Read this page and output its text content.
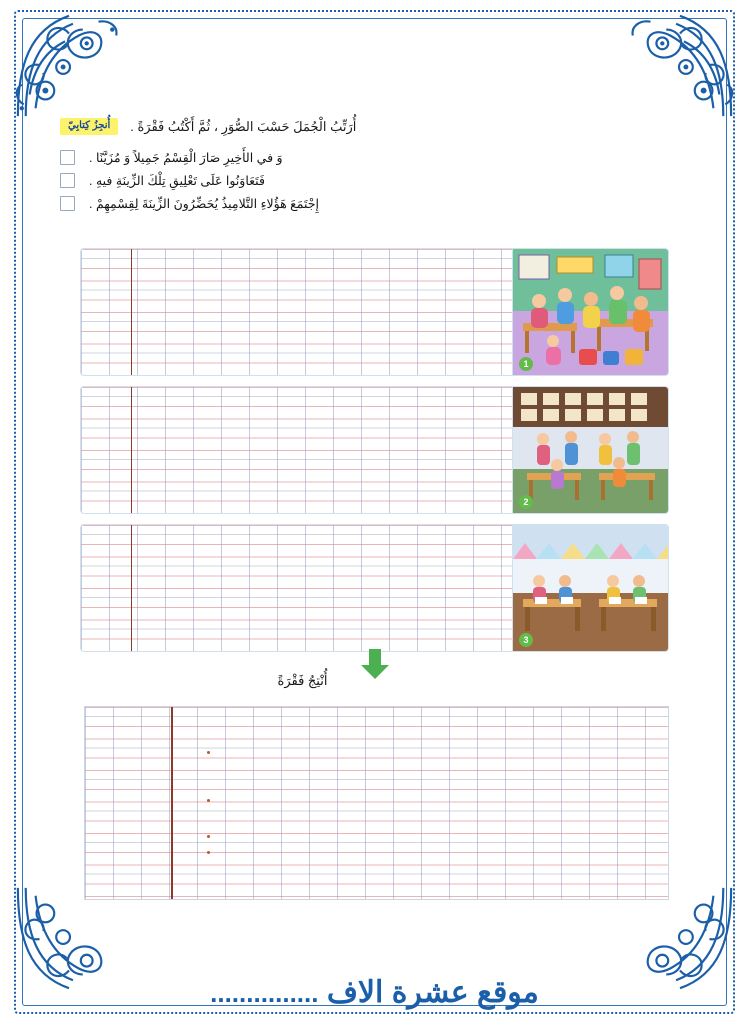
أُنجِزُ كِتابِيّ	أُرَتِّبُ الْجُمَلَ حَسْبَ الصُّوَرِ ، ثُمَّ أَكْتُبُ فَقْرَةً .
وَ في الأَخِيرِ صَارَ الْقِسْمُ جَمِيلاً وَ مُزَيَّنًا .
فَتَعَاوَنُوا عَلَى تَعْلِيقِ تِلْكَ الزِّينَةِ فيهِ .
إِجْتَمَعَ هَؤُلاءِ التَّلامِيذُ يُحَضِّرُونَ الزِّينَةَ لِقِسْمِهِمْ .
1
2
3
أُنْتِجُ فَقْرَةً
موقع عشرة الاف ...............
